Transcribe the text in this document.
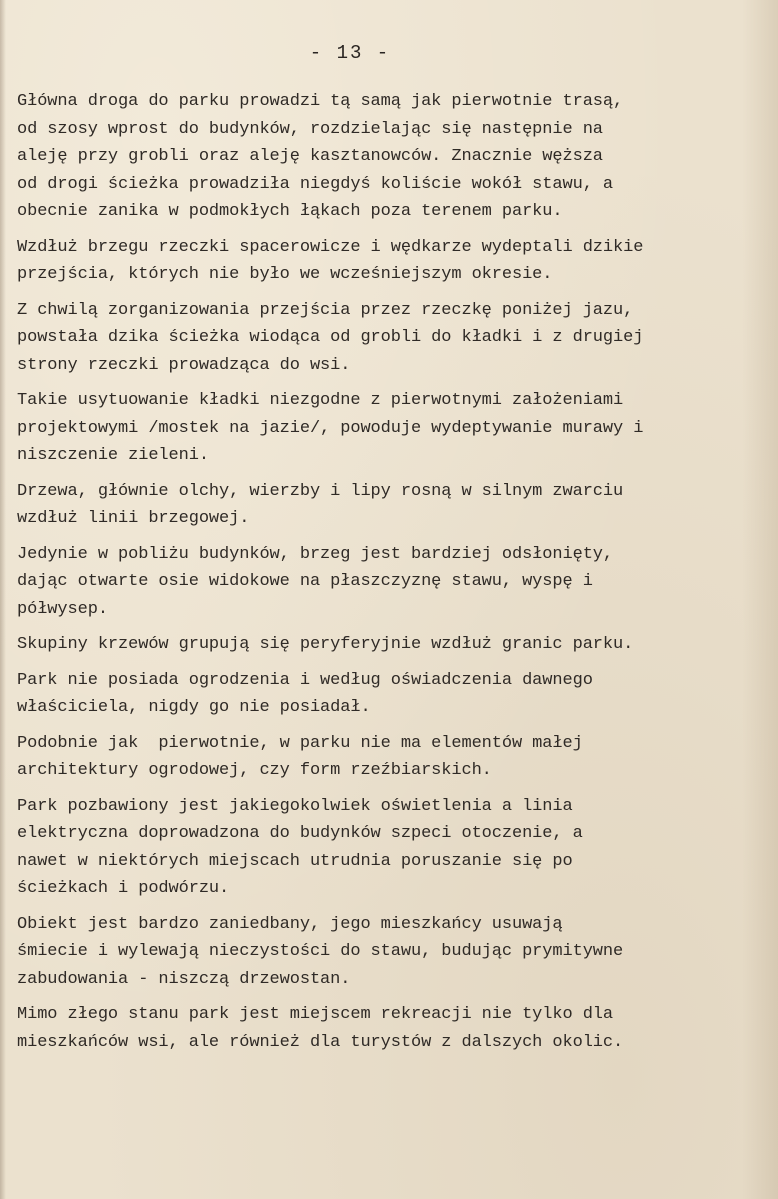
- 13 -
Główna droga do parku prowadzi tą samą jak pierwotnie trasą,
od szosy wprost do budynków, rozdzielając się następnie na
aleję przy grobli oraz aleję kasztanowców. Znacznie węższa
od drogi ścieżka prowadziła niegdyś koliście wokół stawu, a
obecnie zanika w podmokłych łąkach poza terenem parku.
Wzdłuż brzegu rzeczki spacerowicze i wędkarze wydeptali dzikie
przejścia, których nie było we wcześniejszym okresie.
Z chwilą zorganizowania przejścia przez rzeczkę poniżej jazu,
powstała dzika ścieżka wiodąca od grobli do kładki i z drugiej
strony rzeczki prowadząca do wsi.
Takie usytuowanie kładki niezgodne z pierwotnymi założeniami
projektowymi /mostek na jazie/, powoduje wydeptywanie murawy i
niszczenie zieleni.
Drzewa, głównie olchy, wierzby i lipy rosną w silnym zwarciu
wzdłuż linii brzegowej.
Jedynie w pobliżu budynków, brzeg jest bardziej odsłonięty,
dając otwarte osie widokowe na płaszczyznę stawu, wyspę i
półwysep.
Skupiny krzewów grupują się peryferyjnie wzdłuż granic parku.
Park nie posiada ogrodzenia i według oświadczenia dawnego
właściciela, nigdy go nie posiadał.
Podobnie jak  pierwotnie, w parku nie ma elementów małej
architektury ogrodowej, czy form rzeźbiarskich.
Park pozbawiony jest jakiegokolwiek oświetlenia a linia
elektryczna doprowadzona do budynków szpeci otoczenie, a
nawet w niektórych miejscach utrudnia poruszanie się po
ścieżkach i podwórzu.
Obiekt jest bardzo zaniedbany, jego mieszkańcy usuwają
śmiecie i wylewają nieczystości do stawu, budując prymitywne
zabudowania - niszczą drzewostan.
Mimo złego stanu park jest miejscem rekreacji nie tylko dla
mieszkańców wsi, ale również dla turystów z dalszych okolic.
